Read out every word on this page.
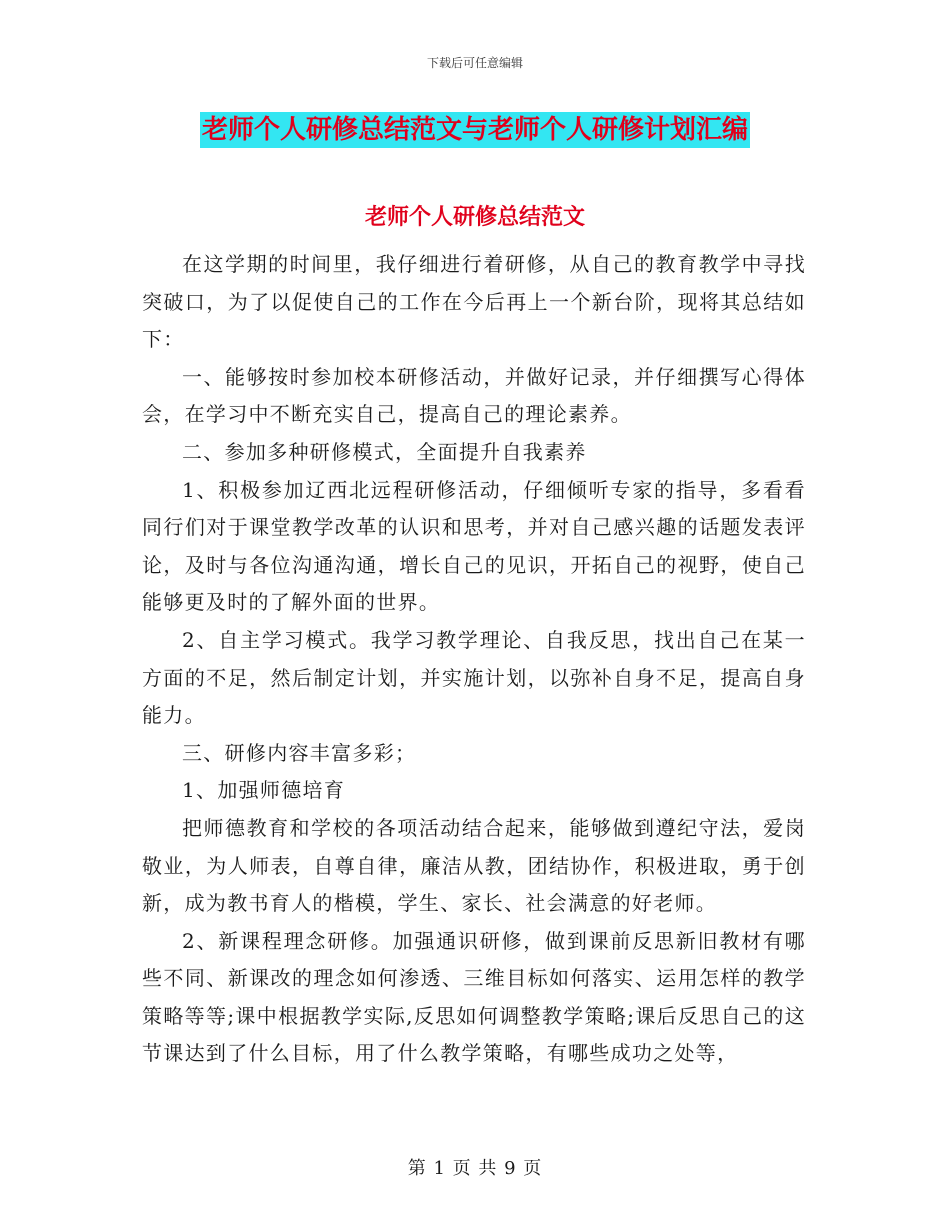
下载后可任意编辑
老师个人研修总结范文与老师个人研修计划汇编
老师个人研修总结范文

在这学期的时间里，我仔细进行着研修，从自己的教育教学中寻找突破口，为了以促使自己的工作在今后再上一个新台阶，现将其总结如下：

一、能够按时参加校本研修活动，并做好记录，并仔细撰写心得体会，在学习中不断充实自己，提高自己的理论素养。

二、参加多种研修模式，全面提升自我素养

1、积极参加辽西北远程研修活动，仔细倾听专家的指导，多看看同行们对于课堂教学改革的认识和思考，并对自己感兴趣的话题发表评论，及时与各位沟通沟通，增长自己的见识，开拓自己的视野，使自己能够更及时的了解外面的世界。

2、自主学习模式。我学习教学理论、自我反思，找出自己在某一方面的不足，然后制定计划，并实施计划，以弥补自身不足，提高自身能力。

三、研修内容丰富多彩；

1、加强师德培育

把师德教育和学校的各项活动结合起来，能够做到遵纪守法，爱岗敬业，为人师表，自尊自律，廉洁从教，团结协作，积极进取，勇于创新，成为教书育人的楷模，学生、家长、社会满意的好老师。

2、新课程理念研修。加强通识研修，做到课前反思新旧教材有哪些不同、新课改的理念如何渗透、三维目标如何落实、运用怎样的教学策略等等;课中根据教学实际,反思如何调整教学策略;课后反思自己的这节课达到了什么目标，用了什么教学策略，有哪些成功之处等，

第 1 页 共 9 页
